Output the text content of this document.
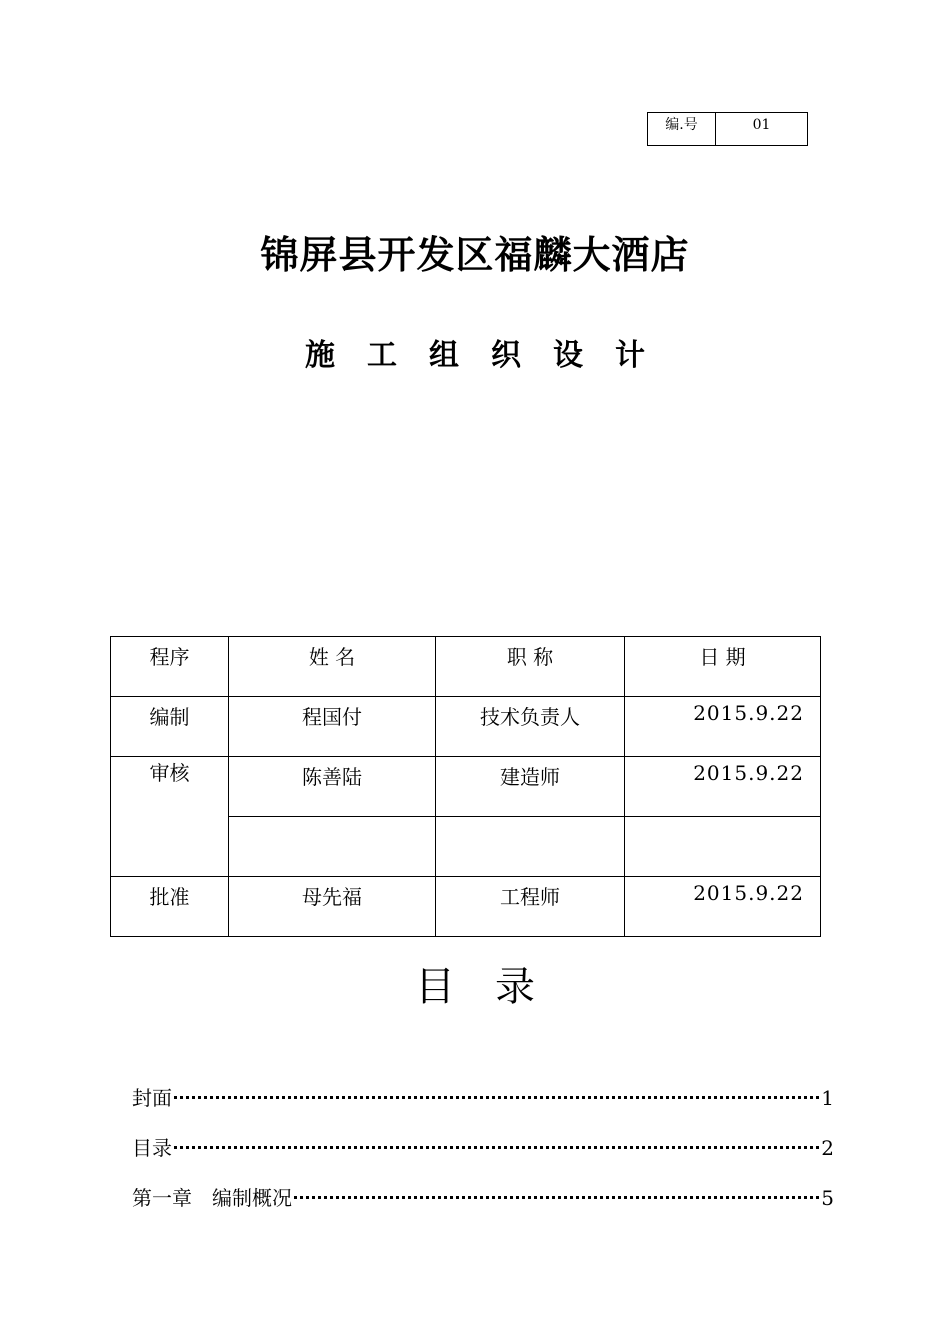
编.号	01
锦屏县开发区福麟大酒店
施工组织设计
程序	姓 名	职 称	日 期
编制	程国付	技术负责人	2015.9.22
审核	陈善陆	建造师	2015.9.22

批准	母先福	工程师	2015.9.22
目录
封面	1
目录	2
第一章　编制概况	5
